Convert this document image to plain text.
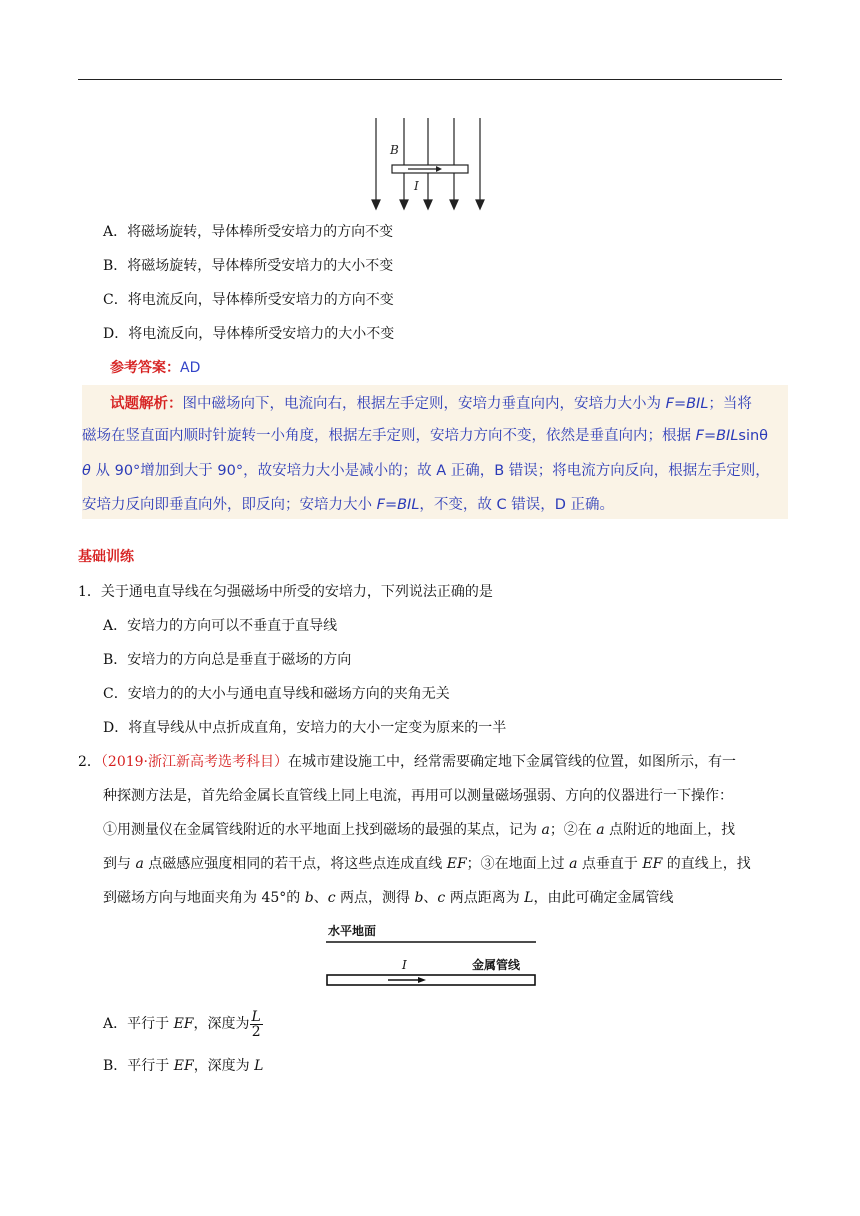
B
I
A．将磁场旋转，导体棒所受安培力的方向不变
B．将磁场旋转，导体棒所受安培力的大小不变
C．将电流反向，导体棒所受安培力的方向不变
D．将电流反向，导体棒所受安培力的大小不变
参考答案：AD
试题解析：图中磁场向下，电流向右，根据左手定则，安培力垂直向内，安培力大小为 F=BIL；当将
磁场在竖直面内顺时针旋转一小角度，根据左手定则，安培力方向不变，依然是垂直向内；根据 F=BILsinθ
θ 从 90°增加到大于 90°，故安培力大小是减小的；故 A 正确，B 错误；将电流方向反向，根据左手定则，
安培力反向即垂直向外，即反向；安培力大小 F=BIL，不变，故 C 错误，D 正确。
基础训练
1．关于通电直导线在匀强磁场中所受的安培力，下列说法正确的是
A．安培力的方向可以不垂直于直导线
B．安培力的方向总是垂直于磁场的方向
C．安培力的的大小与通电直导线和磁场方向的夹角无关
D．将直导线从中点折成直角，安培力的大小一定变为原来的一半
2．（2019·浙江新高考选考科目）在城市建设施工中，经常需要确定地下金属管线的位置，如图所示，有一
种探测方法是，首先给金属长直管线上同上电流，再用可以测量磁场强弱、方向的仪器进行一下操作：
①用测量仪在金属管线附近的水平地面上找到磁场的最强的某点，记为 a；②在 a 点附近的地面上，找
到与 a 点磁感应强度相同的若干点，将这些点连成直线 EF；③在地面上过 a 点垂直于 EF 的直线上，找
到磁场方向与地面夹角为 45°的 b、c 两点，测得 b、c 两点距离为 L，由此可确定金属管线
水平地面
I	金属管线
A．平行于 EF，深度为 $\frac{L}{2}$
B．平行于 EF，深度为 L
